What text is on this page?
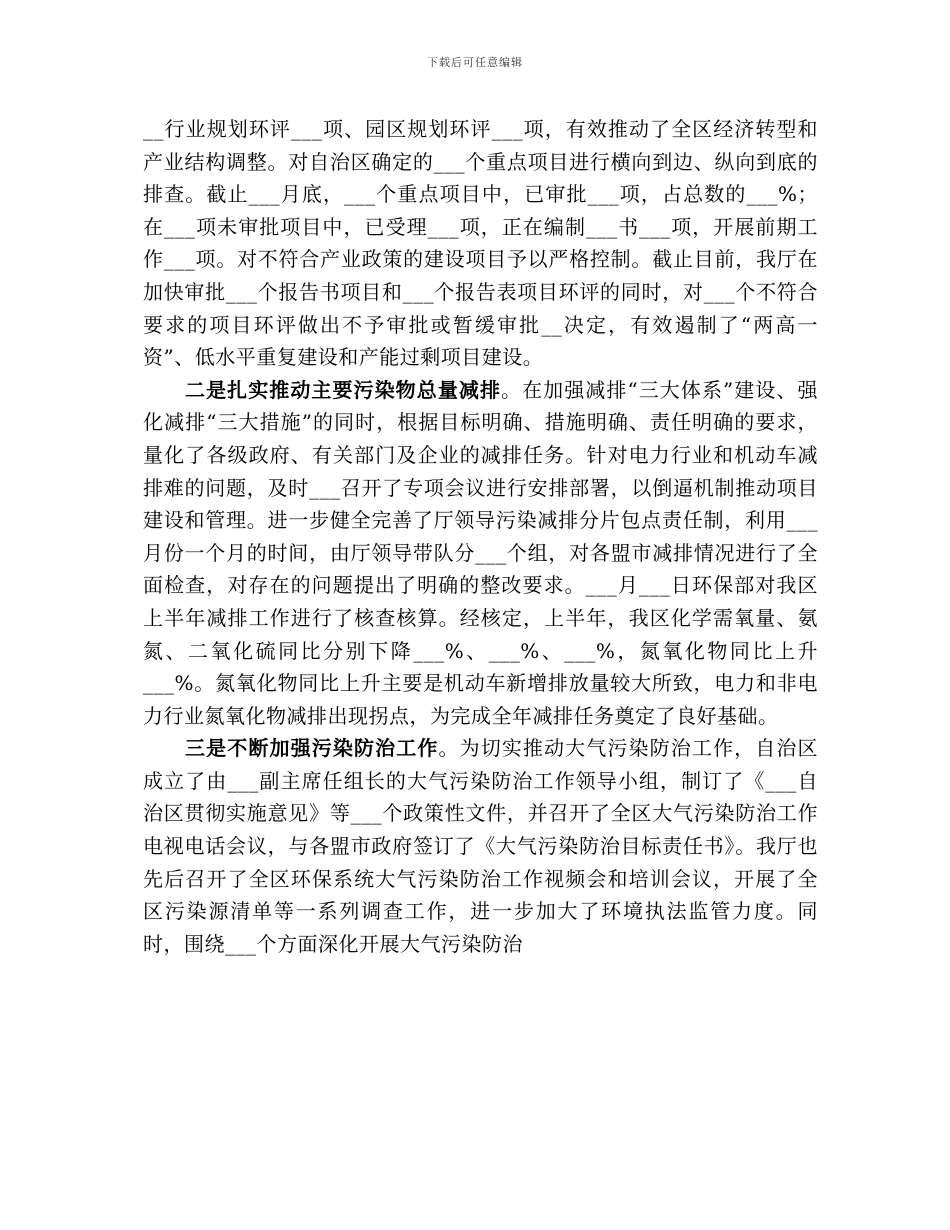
下载后可任意编辑

__行业规划环评___项、园区规划环评___项，有效推动了全区经济转型和产业结构调整。对自治区确定的___个重点项目进行横向到边、纵向到底的排查。截止___月底，___个重点项目中，已审批___项，占总数的___%；在___项未审批项目中，已受理___项，正在编制___书___项，开展前期工作___项。对不符合产业政策的建设项目予以严格控制。截止目前，我厅在加快审批___个报告书项目和___个报告表项目环评的同时，对___个不符合要求的项目环评做出不予审批或暂缓审批__决定，有效遏制了“两高一资”、低水平重复建设和产能过剩项目建设。

二是扎实推动主要污染物总量减排。在加强减排“三大体系”建设、强化减排“三大措施”的同时，根据目标明确、措施明确、责任明确的要求，量化了各级政府、有关部门及企业的减排任务。针对电力行业和机动车减排难的问题，及时___召开了专项会议进行安排部署，以倒逼机制推动项目建设和管理。进一步健全完善了厅领导污染减排分片包点责任制，利用___月份一个月的时间，由厅领导带队分___个组，对各盟市减排情况进行了全面检查，对存在的问题提出了明确的整改要求。___月___日环保部对我区上半年减排工作进行了核查核算。经核定，上半年，我区化学需氧量、氨氮、二氧化硫同比分别下降___%、___%、___%，氮氧化物同比上升___%。氮氧化物同比上升主要是机动车新增排放量较大所致，电力和非电力行业氮氧化物减排出现拐点，为完成全年减排任务奠定了良好基础。

三是不断加强污染防治工作。为切实推动大气污染防治工作，自治区成立了由___副主席任组长的大气污染防治工作领导小组，制订了《___自治区贯彻实施意见》等___个政策性文件，并召开了全区大气污染防治工作电视电话会议，与各盟市政府签订了《大气污染防治目标责任书》。我厅也先后召开了全区环保系统大气污染防治工作视频会和培训会议，开展了全区污染源清单等一系列调查工作，进一步加大了环境执法监管力度。同时，围绕___个方面深化开展大气污染防治
